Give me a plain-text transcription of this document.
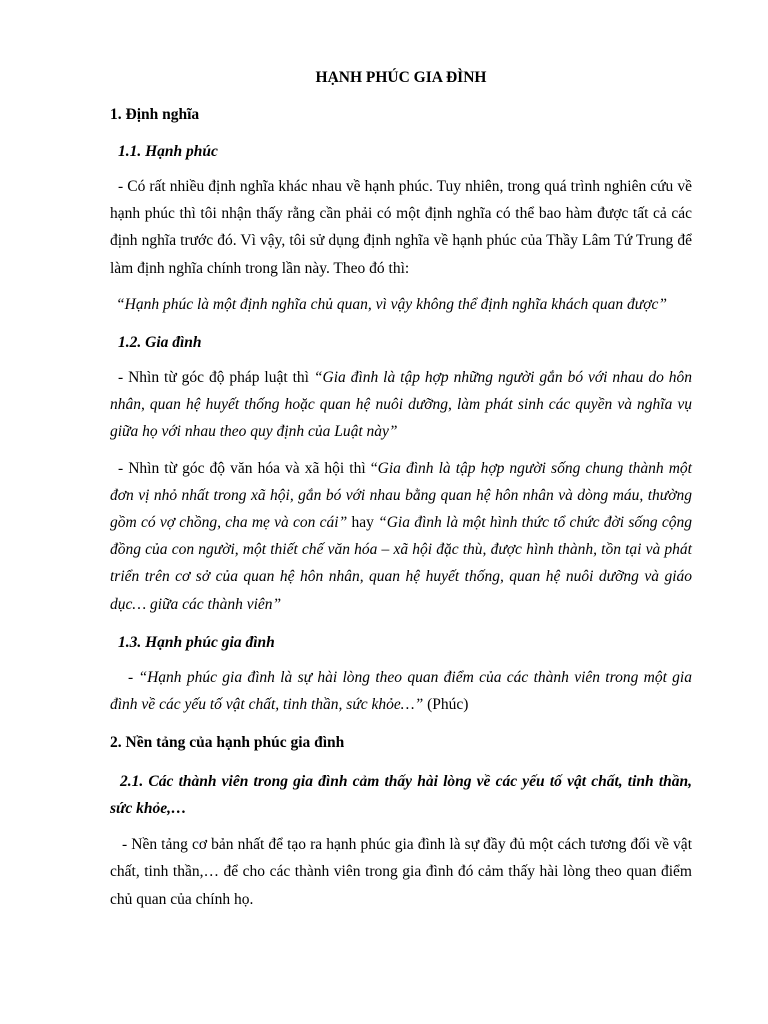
HẠNH PHÚC GIA ĐÌNH
1. Định nghĩa
1.1. Hạnh phúc

- Có rất nhiều định nghĩa khác nhau về hạnh phúc. Tuy nhiên, trong quá trình nghiên cứu về hạnh phúc thì tôi nhận thấy rằng cần phải có một định nghĩa có thể bao hàm được tất cả các định nghĩa trước đó. Vì vậy, tôi sử dụng định nghĩa về hạnh phúc của Thầy Lâm Tứ Trung để làm định nghĩa chính trong lần này. Theo đó thì:

“Hạnh phúc là một định nghĩa chủ quan, vì vậy không thể định nghĩa khách quan được”

1.2. Gia đình

- Nhìn từ góc độ pháp luật thì “Gia đình là tập hợp những người gắn bó với nhau do hôn nhân, quan hệ huyết thống hoặc quan hệ nuôi dưỡng, làm phát sinh các quyền và nghĩa vụ giữa họ với nhau theo quy định của Luật này”

- Nhìn từ góc độ văn hóa và xã hội thì “Gia đình là tập hợp người sống chung thành một đơn vị nhỏ nhất trong xã hội, gắn bó với nhau bằng quan hệ hôn nhân và dòng máu, thường gồm có vợ chồng, cha mẹ và con cái” hay “Gia đình là một hình thức tổ chức đời sống cộng đồng của con người, một thiết chế văn hóa – xã hội đặc thù, được hình thành, tồn tại và phát triển trên cơ sở của quan hệ hôn nhân, quan hệ huyết thống, quan hệ nuôi dưỡng và giáo dục… giữa các thành viên”

1.3. Hạnh phúc gia đình

- “Hạnh phúc gia đình là sự hài lòng theo quan điểm của các thành viên trong một gia đình về các yếu tố vật chất, tinh thần, sức khỏe…” (Phúc)

2. Nền tảng của hạnh phúc gia đình
2.1. Các thành viên trong gia đình cảm thấy hài lòng về các yếu tố vật chất, tinh thần, sức khỏe,…

- Nền tảng cơ bản nhất để tạo ra hạnh phúc gia đình là sự đầy đủ một cách tương đối về vật chất, tinh thần,… để cho các thành viên trong gia đình đó cảm thấy hài lòng theo quan điểm chủ quan của chính họ.
